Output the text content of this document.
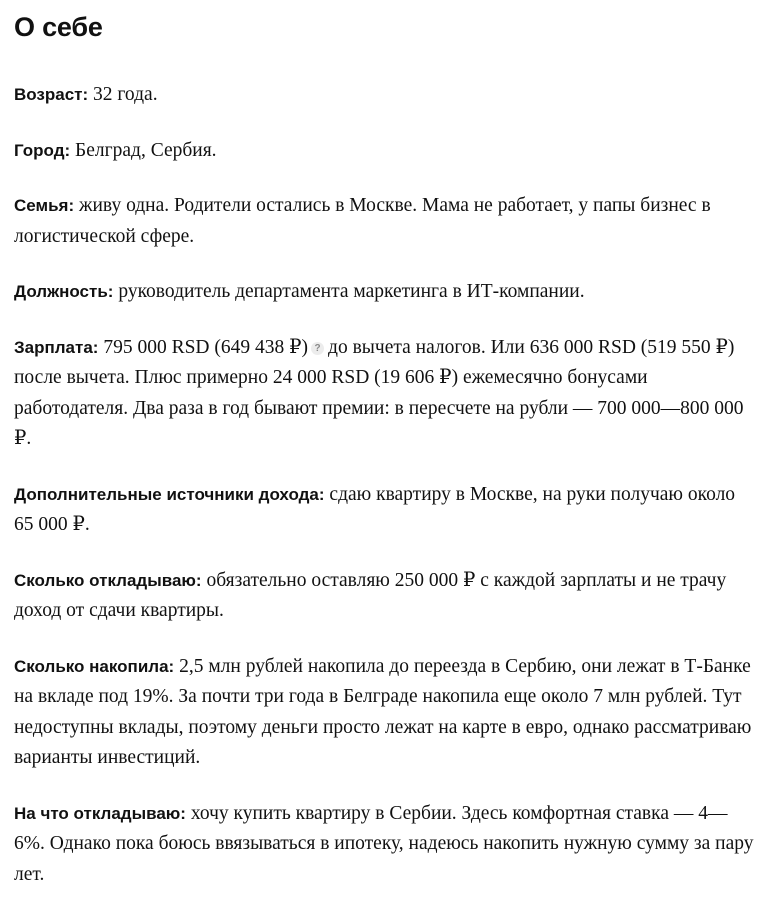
О себе

Возраст: 32 года.

Город: Белград, Сербия.

Семья: живу одна. Родители остались в Москве. Мама не работает, у папы бизнес в логистической сфере.

Должность: руководитель департамента маркетинга в ИТ-компании.

Зарплата: 795 000 RSD (649 438 ₽) ? до вычета налогов. Или 636 000 RSD (519 550 ₽) после вычета. Плюс примерно 24 000 RSD (19 606 ₽) ежемесячно бонусами работодателя. Два раза в год бывают премии: в пересчете на рубли — 700 000—800 000 ₽.

Дополнительные источники дохода: сдаю квартиру в Москве, на руки получаю около 65 000 ₽.

Сколько откладываю: обязательно оставляю 250 000 ₽ с каждой зарплаты и не трачу доход от сдачи квартиры.

Сколько накопила: 2,5 млн рублей накопила до переезда в Сербию, они лежат в Т-Банке на вкладе под 19%. За почти три года в Белграде накопила еще около 7 млн рублей. Тут недоступны вклады, поэтому деньги просто лежат на карте в евро, однако рассматриваю варианты инвестиций.

На что откладываю: хочу купить квартиру в Сербии. Здесь комфортная ставка — 4—6%. Однако пока боюсь ввязываться в ипотеку, надеюсь накопить нужную сумму за пару лет.
